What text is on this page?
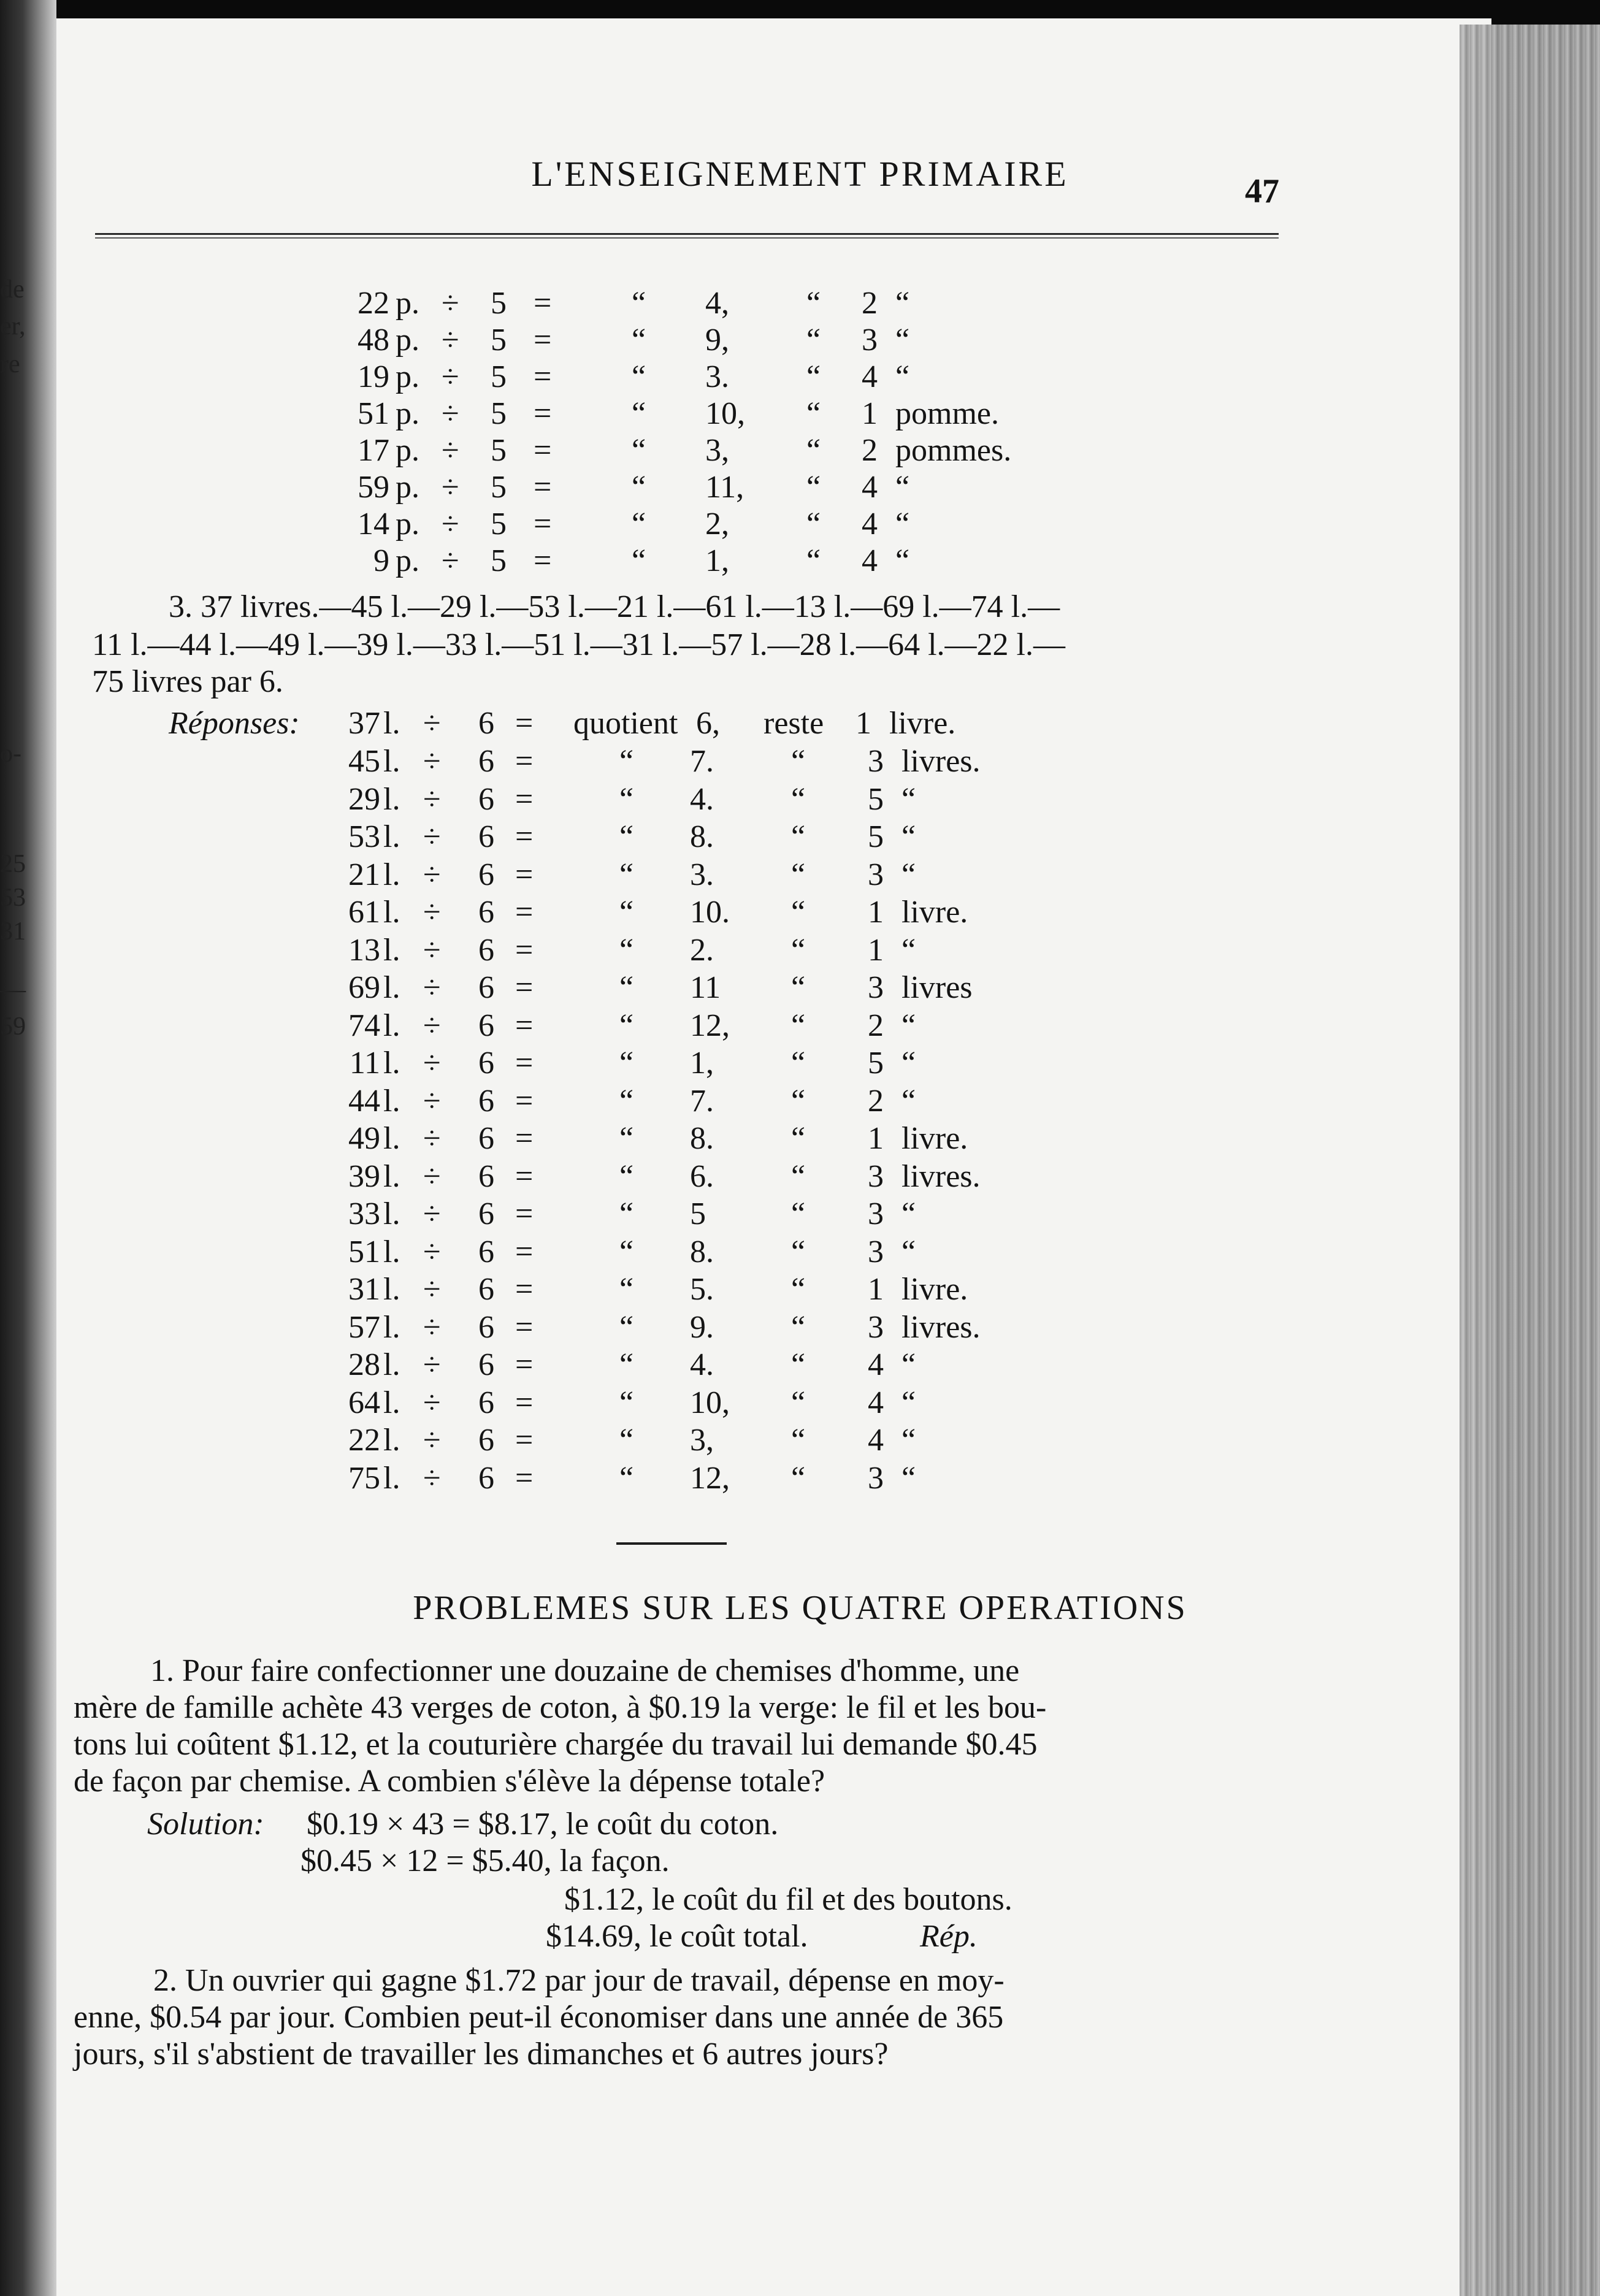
de
er,
re
o-
25
53
31
—
59
L'ENSEIGNEMENT PRIMAIRE	47
22 p. ÷ 5 =	“ 4, “ 2 “
48 p. ÷ 5 =	“ 9, “ 3 “
19 p. ÷ 5 =	“ 3. “ 4 “
51 p. ÷ 5 =	“ 10, “ 1 pomme.
17 p. ÷ 5 =	“ 3, “ 2 pommes.
59 p. ÷ 5 =	“ 11, “ 4 “
14 p. ÷ 5 =	“ 2, “ 4 “
9 p. ÷ 5 =	“ 1, “ 4 “
3. 37 livres.—45 l.—29 l.—53 l.—21 l.—61 l.—13 l.—69 l.—74 l.—
11 l.—44 l.—49 l.—39 l.—33 l.—51 l.—31 l.—57 l.—28 l.—64 l.—22 l.—
75 livres par 6.
Réponses:	37 l. ÷ 6 = quotient 6, reste 1 livre.
45 l. ÷ 6 =	“ 7. “ 3 livres.
29 l. ÷ 6 =	“ 4. “ 5 “
53 l. ÷ 6 =	“ 8. “ 5 “
21 l. ÷ 6 =	“ 3. “ 3 “
61 l. ÷ 6 =	“ 10. “ 1 livre.
13 l. ÷ 6 =	“ 2. “ 1 “
69 l. ÷ 6 =	“ 11 “ 3 livres
74 l. ÷ 6 =	“ 12, “ 2 “
11 l. ÷ 6 =	“ 1, “ 5 “
44 l. ÷ 6 =	“ 7. “ 2 “
49 l. ÷ 6 =	“ 8. “ 1 livre.
39 l. ÷ 6 =	“ 6. “ 3 livres.
33 l. ÷ 6 =	“ 5	“ 3 “
51 l. ÷ 6 =	“ 8. “ 3 “
31 l. ÷ 6 =	“ 5. “ 1 livre.
57 l. ÷ 6 =	“ 9. “ 3 livres.
28 l. ÷ 6 =	“ 4. “ 4 “
64 l. ÷ 6 =	“ 10, “ 4 “
22 l. ÷ 6 =	“ 3, “ 4 “
75 l. ÷ 6 =	“ 12, “ 3 “
PROBLEMES SUR LES QUATRE OPERATIONS
1. Pour faire confectionner une douzaine de chemises d'homme, une
mère de famille achète 43 verges de coton, à $0.19 la verge: le fil et les bou-
tons lui coûtent $1.12, et la couturière chargée du travail lui demande $0.45
de façon par chemise. A combien s'élève la dépense totale?
Solution: $0.19 × 43 = $8.17, le coût du coton.
$0.45 × 12 = $5.40, la façon.
$1.12, le coût du fil et des boutons.
$14.69, le coût total.	Rép.
2. Un ouvrier qui gagne $1.72 par jour de travail, dépense en moy-
enne, $0.54 par jour. Combien peut-il économiser dans une année de 365
jours, s'il s'abstient de travailler les dimanches et 6 autres jours?
